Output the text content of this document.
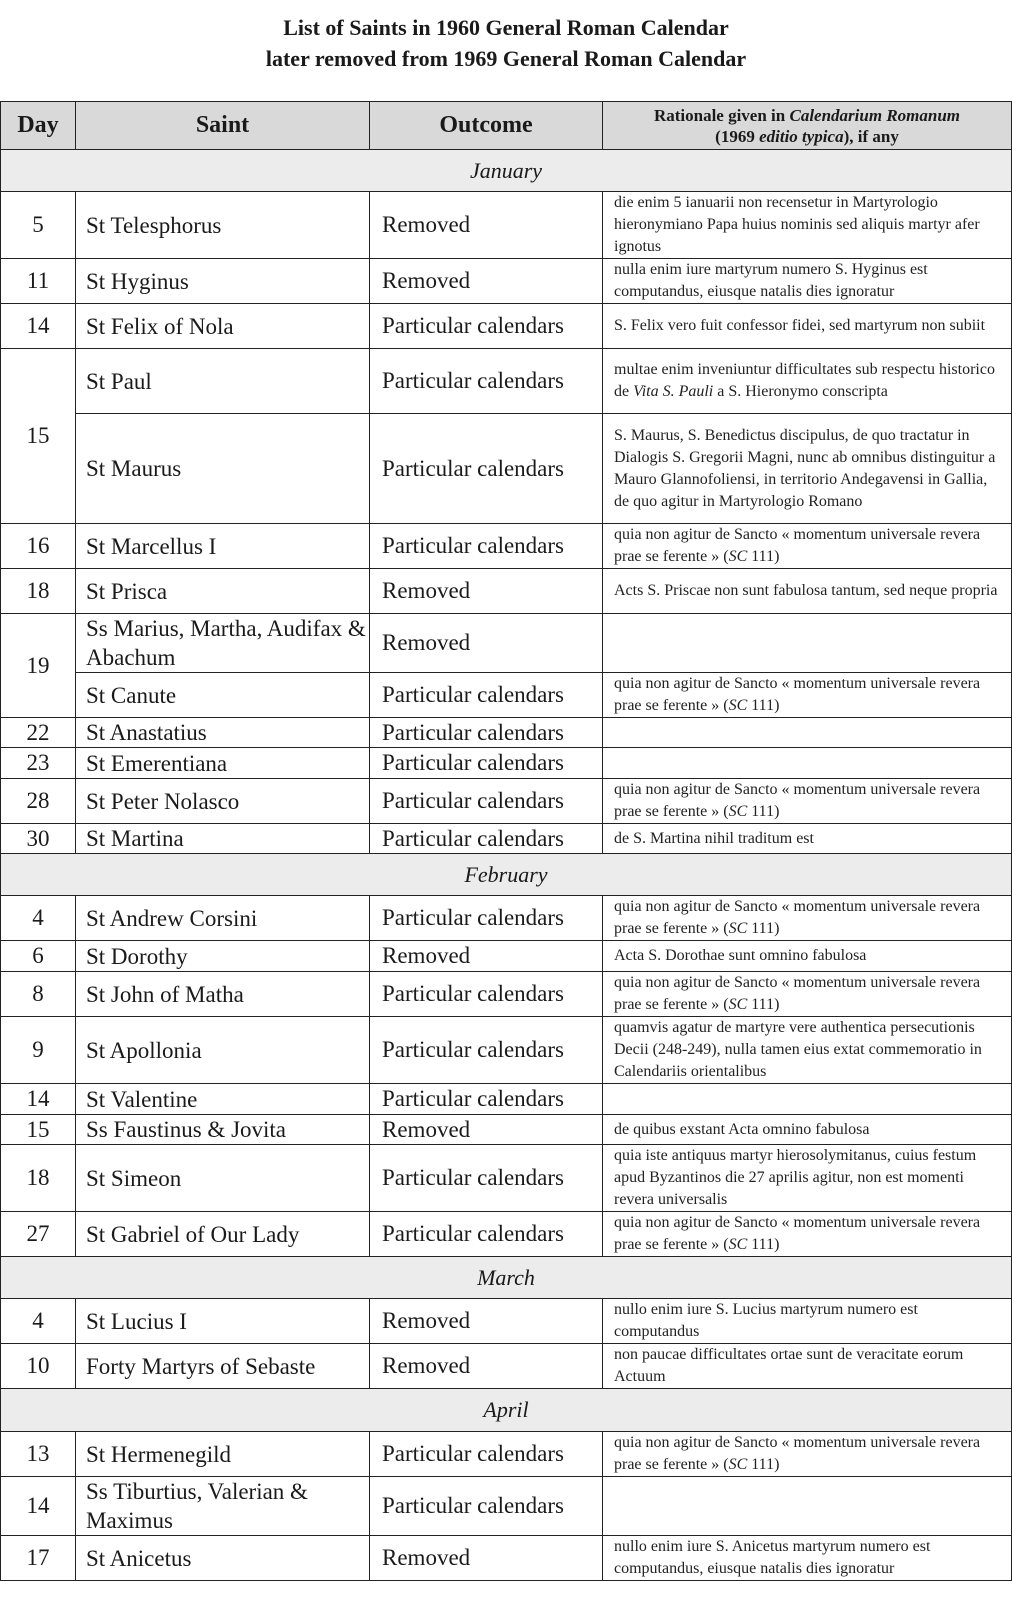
List of Saints in 1960 General Roman Calendar
later removed from 1969 General Roman Calendar
Day	Saint	Outcome	Rationale given in Calendarium Romanum
(1969 editio typica), if any
January			
5	St Telesphorus	Removed	die enim 5 ianuarii non recensetur in Martyrologio hieronymiano Papa huius nominis sed aliquis martyr afer ignotus
11	St Hyginus	Removed	nulla enim iure martyrum numero S. Hyginus est computandus, eiusque natalis dies ignoratur
14	St Felix of Nola	Particular calendars	S. Felix vero fuit confessor fidei, sed martyrum non subiit
15	St Paul	Particular calendars	multae enim inveniuntur difficultates sub respectu historico de Vita S. Pauli a S. Hieronymo conscripta
	St Maurus	Particular calendars	S. Maurus, S. Benedictus discipulus, de quo tractatur in Dialogis S. Gregorii Magni, nunc ab omnibus distinguitur a Mauro Glannofoliensi, in territorio Andegavensi in Gallia, de quo agitur in Martyrologio Romano
16	St Marcellus I	Particular calendars	quia non agitur de Sancto « momentum universale revera prae se ferente » (SC 111)
18	St Prisca	Removed	Acts S. Priscae non sunt fabulosa tantum, sed neque propria
19	Ss Marius, Martha, Audifax & Abachum	Removed	
	St Canute	Particular calendars	quia non agitur de Sancto « momentum universale revera prae se ferente » (SC 111)
22	St Anastatius	Particular calendars	
23	St Emerentiana	Particular calendars	
28	St Peter Nolasco	Particular calendars	quia non agitur de Sancto « momentum universale revera prae se ferente » (SC 111)
30	St Martina	Particular calendars	de S. Martina nihil traditum est
February			
4	St Andrew Corsini	Particular calendars	quia non agitur de Sancto « momentum universale revera prae se ferente » (SC 111)
6	St Dorothy	Removed	Acta S. Dorothae sunt omnino fabulosa
8	St John of Matha	Particular calendars	quia non agitur de Sancto « momentum universale revera prae se ferente » (SC 111)
9	St Apollonia	Particular calendars	quamvis agatur de martyre vere authentica persecutionis Decii (248-249), nulla tamen eius extat commemoratio in Calendariis orientalibus
14	St Valentine	Particular calendars	
15	Ss Faustinus & Jovita	Removed	de quibus exstant Acta omnino fabulosa
18	St Simeon	Particular calendars	quia iste antiquus martyr hierosolymitanus, cuius festum apud Byzantinos die 27 aprilis agitur, non est momenti revera universalis
27	St Gabriel of Our Lady	Particular calendars	quia non agitur de Sancto « momentum universale revera prae se ferente » (SC 111)
March			
4	St Lucius I	Removed	nullo enim iure S. Lucius martyrum numero est computandus
10	Forty Martyrs of Sebaste	Removed	non paucae difficultates ortae sunt de veracitate eorum Actuum
April			
13	St Hermenegild	Particular calendars	quia non agitur de Sancto « momentum universale revera prae se ferente » (SC 111)
14	Ss Tiburtius, Valerian & Maximus	Particular calendars	
17	St Anicetus	Removed	nullo enim iure S. Anicetus martyrum numero est computandus, eiusque natalis dies ignoratur
